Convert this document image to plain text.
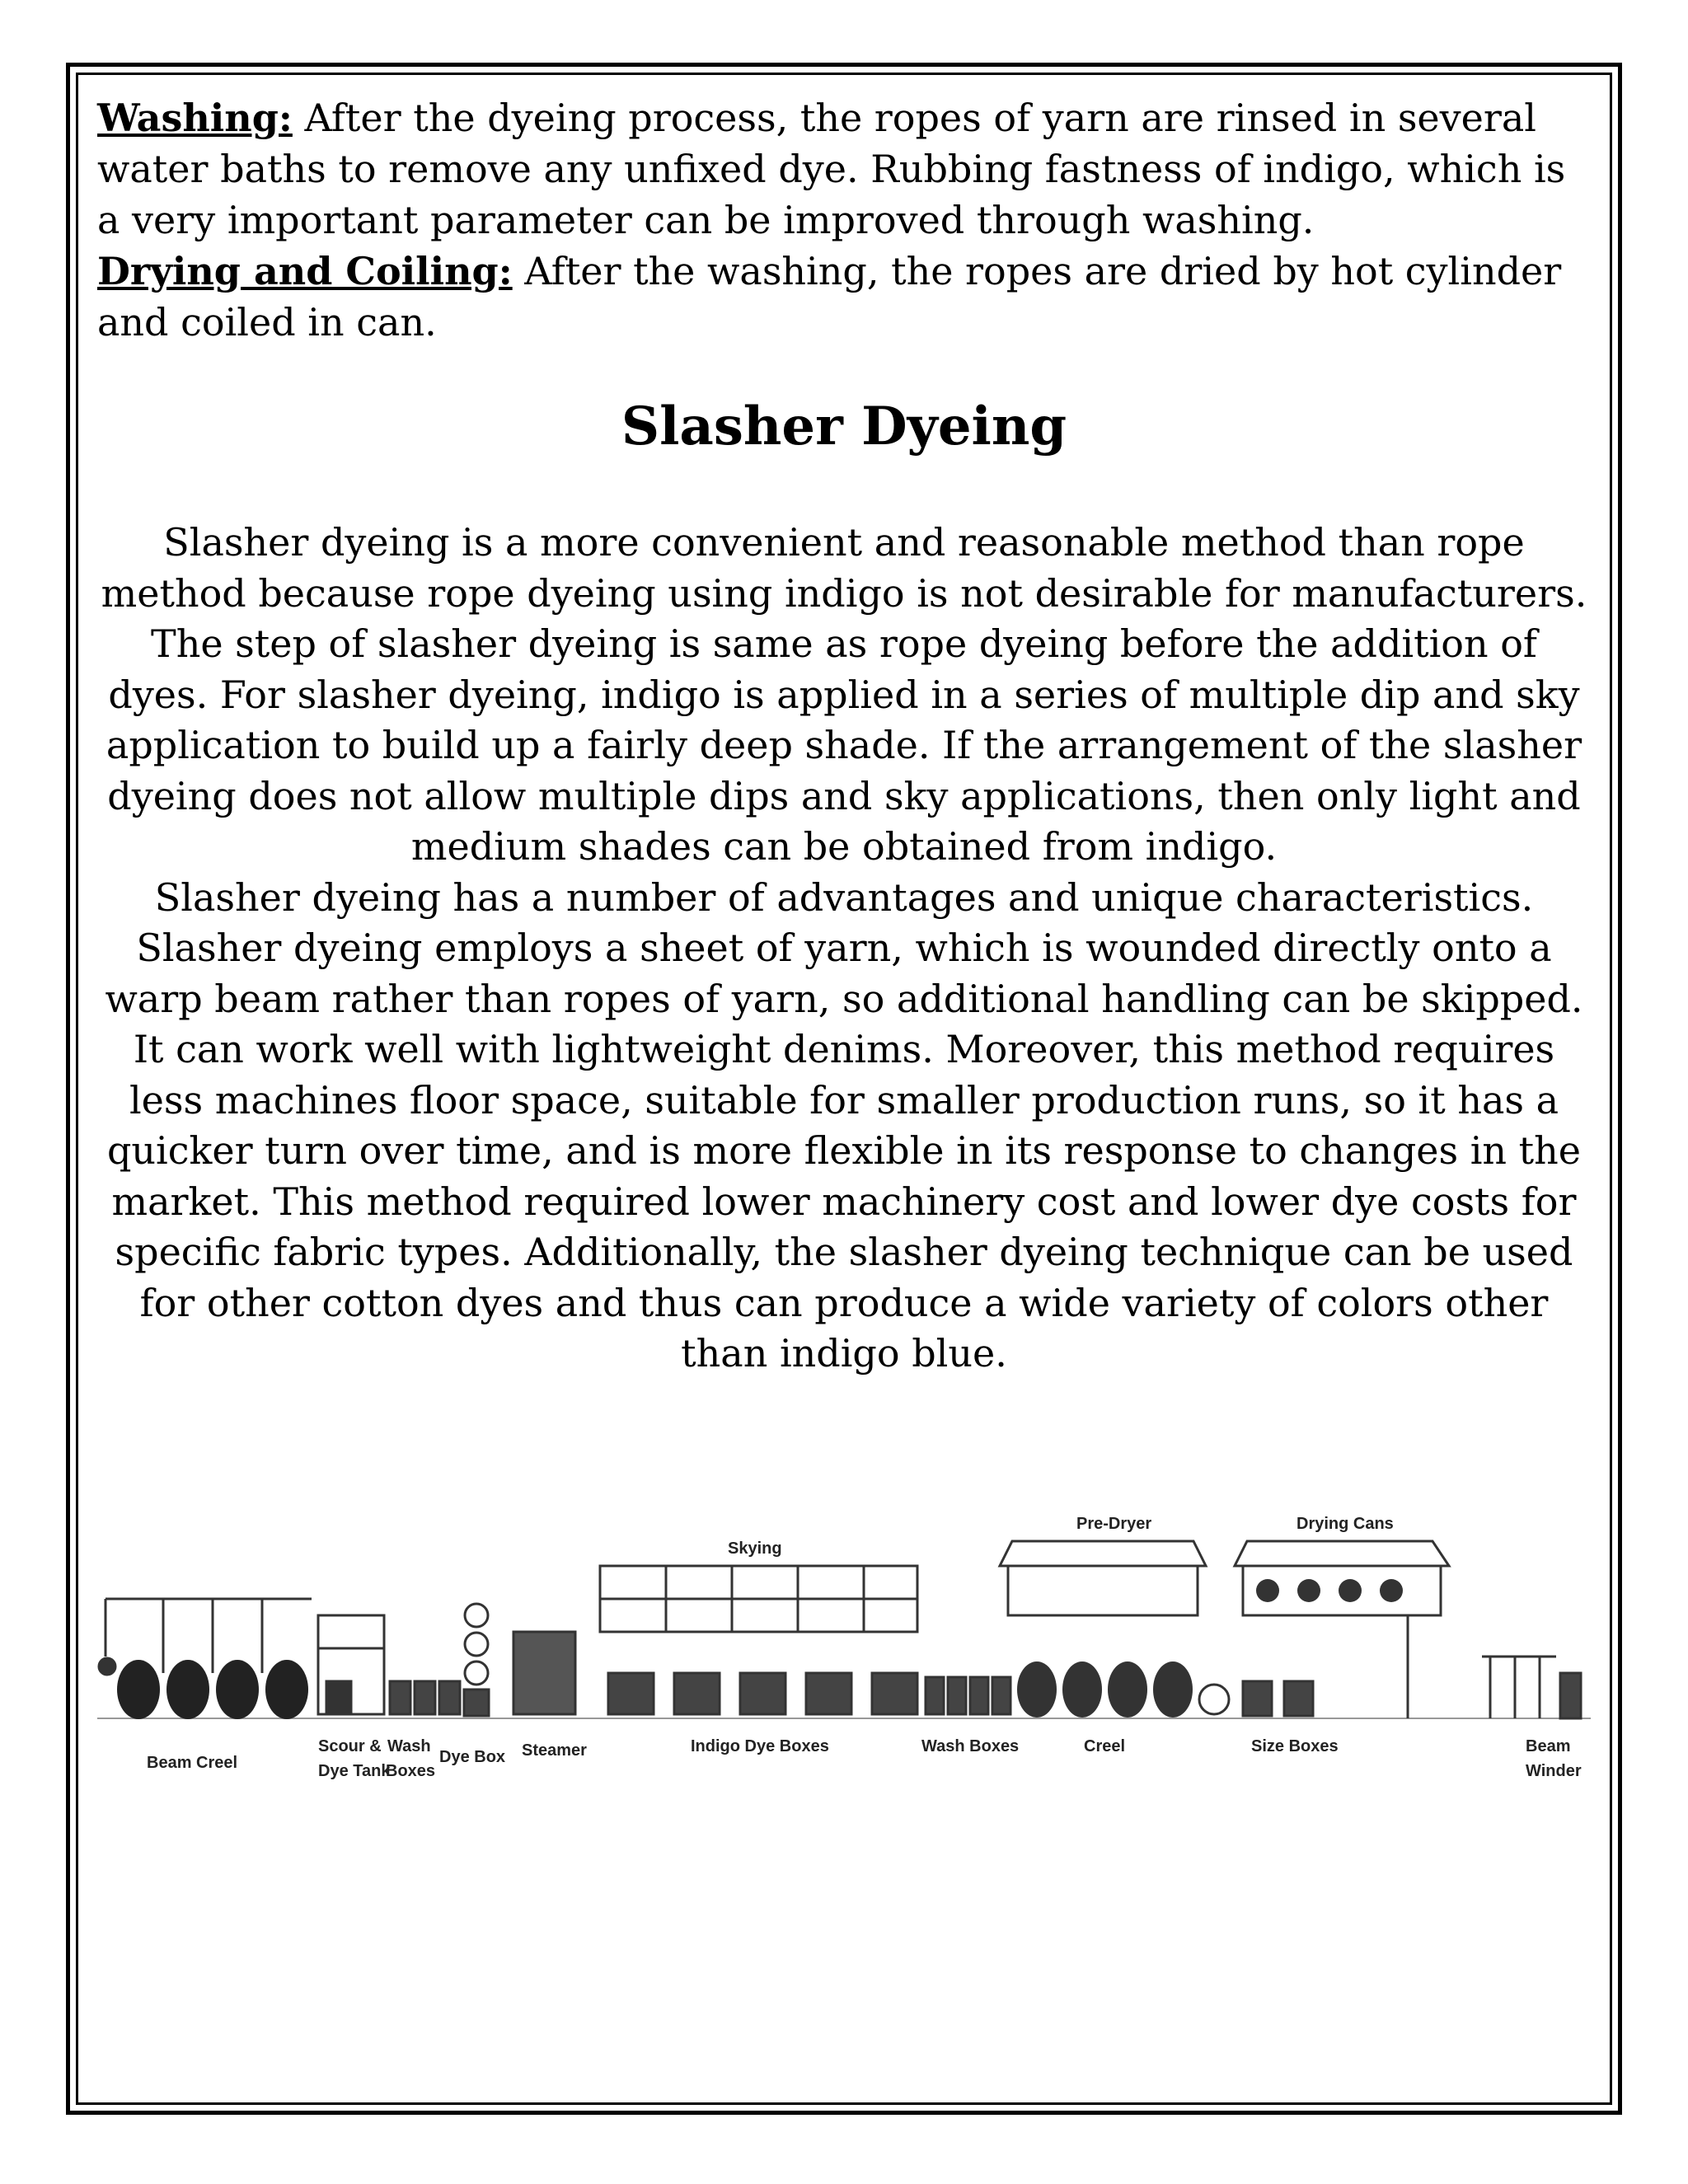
Washing: After the dyeing process, the ropes of yarn are rinsed in several water baths to remove any unfixed dye. Rubbing fastness of indigo, which is a very important parameter can be improved through washing.
Drying and Coiling: After the washing, the ropes are dried by hot cylinder and coiled in can.
Slasher Dyeing

Slasher dyeing is a more convenient and reasonable method than rope method because rope dyeing using indigo is not desirable for manufacturers. The step of slasher dyeing is same as rope dyeing before the addition of dyes. For slasher dyeing, indigo is applied in a series of multiple dip and sky application to build up a fairly deep shade. If the arrangement of the slasher dyeing does not allow multiple dips and sky applications, then only light and medium shades can be obtained from indigo.

Slasher dyeing has a number of advantages and unique characteristics. Slasher dyeing employs a sheet of yarn, which is wounded directly onto a warp beam rather than ropes of yarn, so additional handling can be skipped. It can work well with lightweight denims. Moreover, this method requires less machines floor space, suitable for smaller production runs, so it has a quicker turn over time, and is more flexible in its response to changes in the market. This method required lower machinery cost and lower dye costs for specific fabric types. Additionally, the slasher dyeing technique can be used for other cotton dyes and thus can produce a wide variety of colors other than indigo blue.

Beam Creel
Scour &
Dye Tank
Wash
Boxes
Dye Box Steamer
Skying
Indigo Dye Boxes	Wash Boxes
Pre-Dryer
Creel
Drying Cans
Size Boxes	Beam
Winder
